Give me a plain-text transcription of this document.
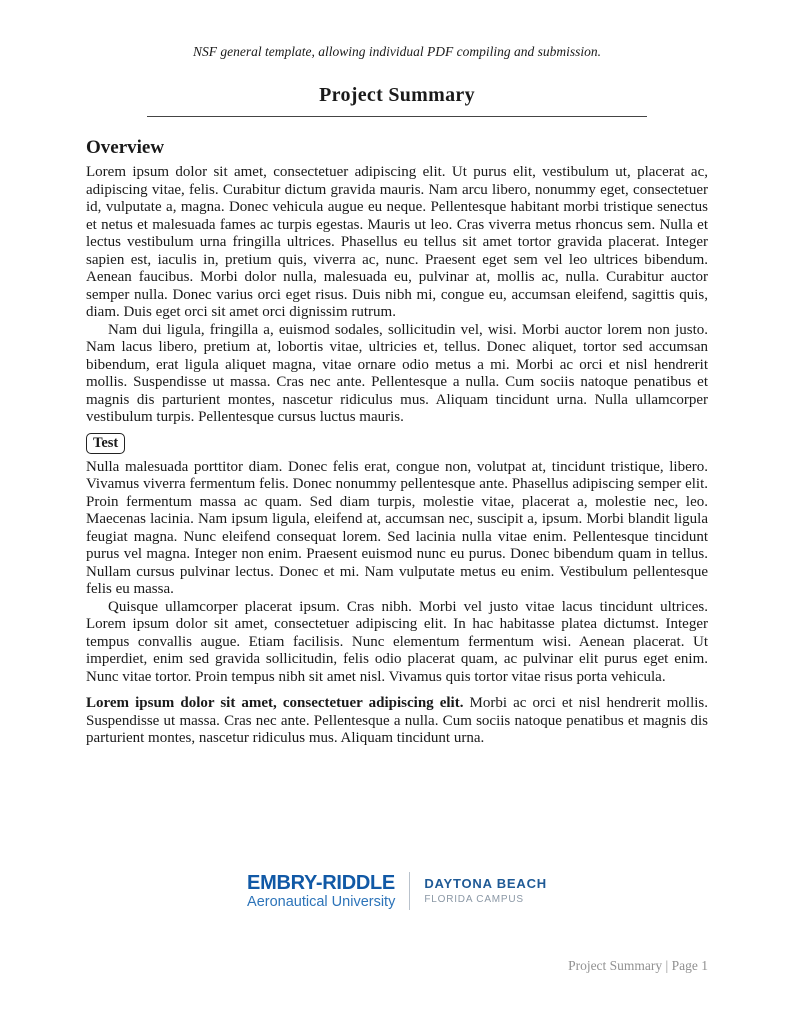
NSF general template, allowing individual PDF compiling and submission.

Project Summary
Overview

Lorem ipsum dolor sit amet, consectetuer adipiscing elit. Ut purus elit, vestibulum ut, placerat ac, adipiscing vitae, felis. Curabitur dictum gravida mauris. Nam arcu libero, nonummy eget, consectetuer id, vulputate a, magna. Donec vehicula augue eu neque. Pellentesque habitant morbi tristique senectus et netus et malesuada fames ac turpis egestas. Mauris ut leo. Cras viverra metus rhoncus sem. Nulla et lectus vestibulum urna fringilla ultrices. Phasellus eu tellus sit amet tortor gravida placerat. Integer sapien est, iaculis in, pretium quis, viverra ac, nunc. Praesent eget sem vel leo ultrices bibendum. Aenean faucibus. Morbi dolor nulla, malesuada eu, pulvinar at, mollis ac, nulla. Curabitur auctor semper nulla. Donec varius orci eget risus. Duis nibh mi, congue eu, accumsan eleifend, sagittis quis, diam. Duis eget orci sit amet orci dignissim rutrum.

Nam dui ligula, fringilla a, euismod sodales, sollicitudin vel, wisi. Morbi auctor lorem non justo. Nam lacus libero, pretium at, lobortis vitae, ultricies et, tellus. Donec aliquet, tortor sed accumsan bibendum, erat ligula aliquet magna, vitae ornare odio metus a mi. Morbi ac orci et nisl hendrerit mollis. Suspendisse ut massa. Cras nec ante. Pellentesque a nulla. Cum sociis natoque penatibus et magnis dis parturient montes, nascetur ridiculus mus. Aliquam tincidunt urna. Nulla ullamcorper vestibulum turpis. Pellentesque cursus luctus mauris.

Test

Nulla malesuada porttitor diam. Donec felis erat, congue non, volutpat at, tincidunt tristique, libero. Vivamus viverra fermentum felis. Donec nonummy pellentesque ante. Phasellus adipiscing semper elit. Proin fermentum massa ac quam. Sed diam turpis, molestie vitae, placerat a, molestie nec, leo. Maecenas lacinia. Nam ipsum ligula, eleifend at, accumsan nec, suscipit a, ipsum. Morbi blandit ligula feugiat magna. Nunc eleifend consequat lorem. Sed lacinia nulla vitae enim. Pellentesque tincidunt purus vel magna. Integer non enim. Praesent euismod nunc eu purus. Donec bibendum quam in tellus. Nullam cursus pulvinar lectus. Donec et mi. Nam vulputate metus eu enim. Vestibulum pellentesque felis eu massa.

Quisque ullamcorper placerat ipsum. Cras nibh. Morbi vel justo vitae lacus tincidunt ultrices. Lorem ipsum dolor sit amet, consectetuer adipiscing elit. In hac habitasse platea dictumst. Integer tempus convallis augue. Etiam facilisis. Nunc elementum fermentum wisi. Aenean placerat. Ut imperdiet, enim sed gravida sollicitudin, felis odio placerat quam, ac pulvinar elit purus eget enim. Nunc vitae tortor. Proin tempus nibh sit amet nisl. Vivamus quis tortor vitae risus porta vehicula.

Lorem ipsum dolor sit amet, consectetuer adipiscing elit. Morbi ac orci et nisl hendrerit mollis. Suspendisse ut massa. Cras nec ante. Pellentesque a nulla. Cum sociis natoque penatibus et magnis dis parturient montes, nascetur ridiculus mus. Aliquam tincidunt urna.

EMBRY-RIDDLE
Aeronautical University
DAYTONA BEACH
FLORIDA CAMPUS
Project Summary | Page 1
